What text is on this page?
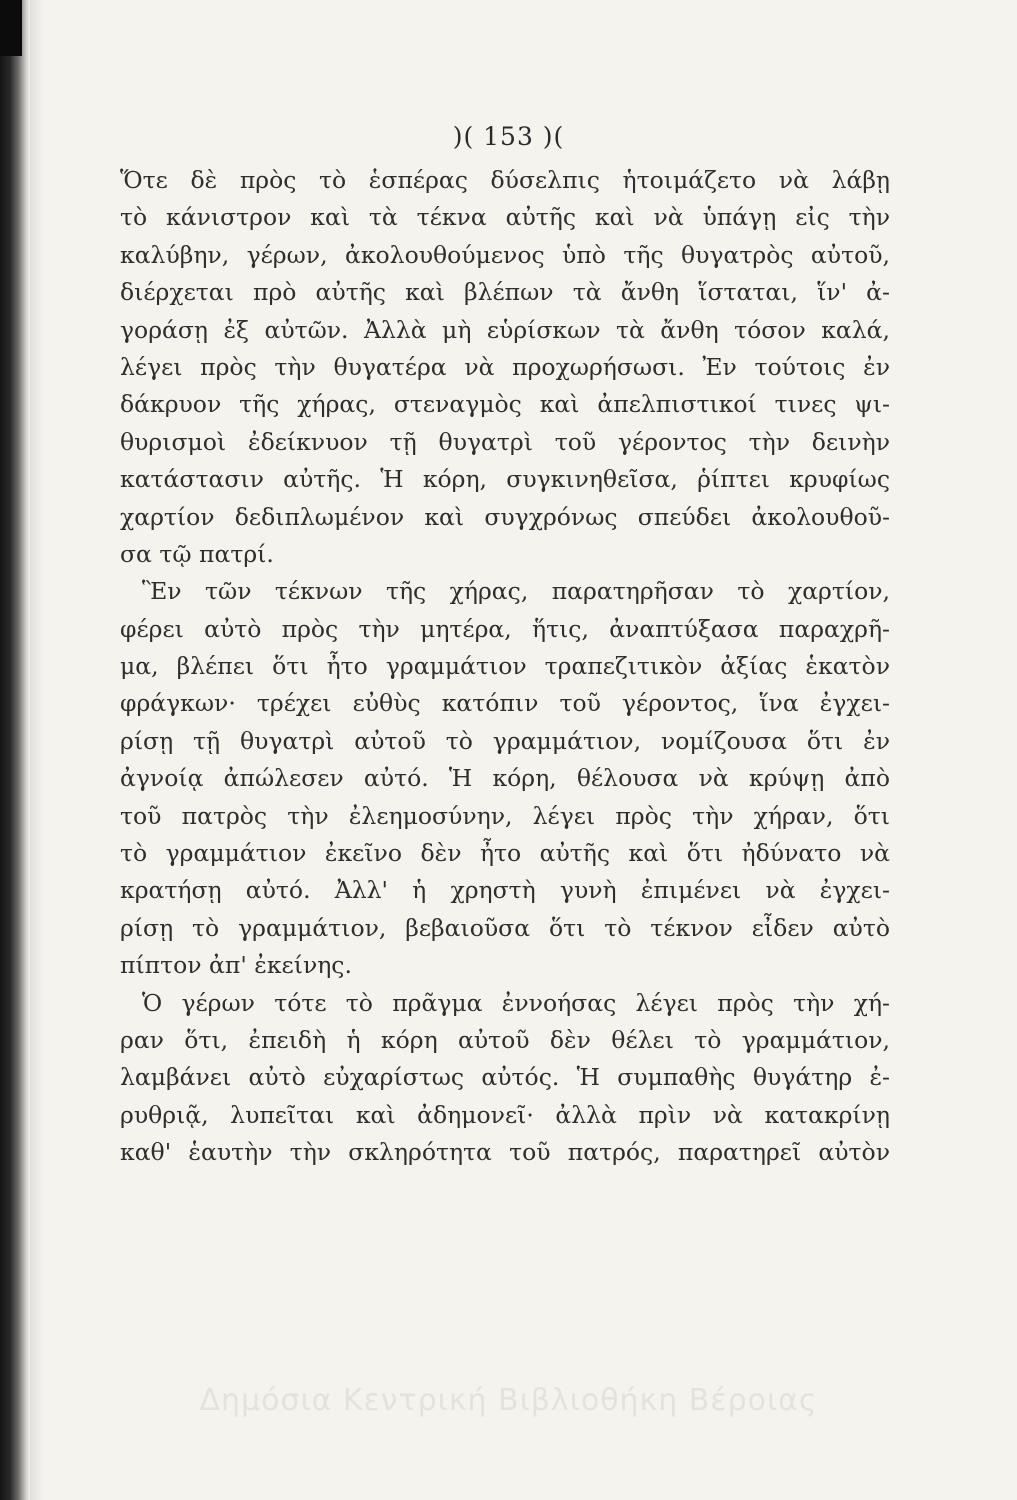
)( 153 )(
Ὅτε δὲ πρὸς τὸ ἑσπέρας δύσελπις ἡτοιμάζετο νὰ λάβῃ
τὸ κάνιστρον καὶ τὰ τέκνα αὐτῆς καὶ νὰ ὑπάγῃ εἰς τὴν
καλύβην, γέρων, ἀκολουθούμενος ὑπὸ τῆς θυγατρὸς αὐτοῦ,
διέρχεται πρὸ αὐτῆς καὶ βλέπων τὰ ἄνθη ἵσταται, ἵν' ἀ-
γοράσῃ ἐξ αὐτῶν. Ἀλλὰ μὴ εὑρίσκων τὰ ἄνθη τόσον καλά,
λέγει πρὸς τὴν θυγατέρα νὰ προχωρήσωσι. Ἐν τούτοις ἐν
δάκρυον τῆς χήρας, στεναγμὸς καὶ ἀπελπιστικοί τινες ψι-
θυρισμοὶ ἐδείκνυον τῇ θυγατρὶ τοῦ γέροντος τὴν δεινὴν
κατάστασιν αὐτῆς. Ἡ κόρη, συγκινηθεῖσα, ῥίπτει κρυφίως
χαρτίον δεδιπλωμένον καὶ συγχρόνως σπεύδει ἀκολουθοῦ-
σα τῷ πατρί.
Ἓν τῶν τέκνων τῆς χήρας, παρατηρῆσαν τὸ χαρτίον,
φέρει αὐτὸ πρὸς τὴν μητέρα, ἥτις, ἀναπτύξασα παραχρῆ-
μα, βλέπει ὅτι ἦτο γραμμάτιον τραπεζιτικὸν ἀξίας ἑκατὸν
φράγκων· τρέχει εὐθὺς κατόπιν τοῦ γέροντος, ἵνα ἐγχει-
ρίσῃ τῇ θυγατρὶ αὐτοῦ τὸ γραμμάτιον, νομίζουσα ὅτι ἐν
ἀγνοίᾳ ἀπώλεσεν αὐτό. Ἡ κόρη, θέλουσα νὰ κρύψῃ ἀπὸ
τοῦ πατρὸς τὴν ἐλεημοσύνην, λέγει πρὸς τὴν χήραν, ὅτι
τὸ γραμμάτιον ἐκεῖνο δὲν ἦτο αὐτῆς καὶ ὅτι ἠδύνατο νὰ
κρατήσῃ αὐτό. Ἀλλ' ἡ χρηστὴ γυνὴ ἐπιμένει νὰ ἐγχει-
ρίσῃ τὸ γραμμάτιον, βεβαιοῦσα ὅτι τὸ τέκνον εἶδεν αὐτὸ
πίπτον ἀπ' ἐκείνης.
Ὁ γέρων τότε τὸ πρᾶγμα ἐννοήσας λέγει πρὸς τὴν χή-
ραν ὅτι, ἐπειδὴ ἡ κόρη αὐτοῦ δὲν θέλει τὸ γραμμάτιον,
λαμβάνει αὐτὸ εὐχαρίστως αὐτός. Ἡ συμπαθὴς θυγάτηρ ἐ-
ρυθριᾷ, λυπεῖται καὶ ἀδημονεῖ· ἀλλὰ πρὶν νὰ κατακρίνῃ
καθ' ἑαυτὴν τὴν σκληρότητα τοῦ πατρός, παρατηρεῖ αὐτὸν
Δημόσια Κεντρική Βιβλιοθήκη Βέροιας
